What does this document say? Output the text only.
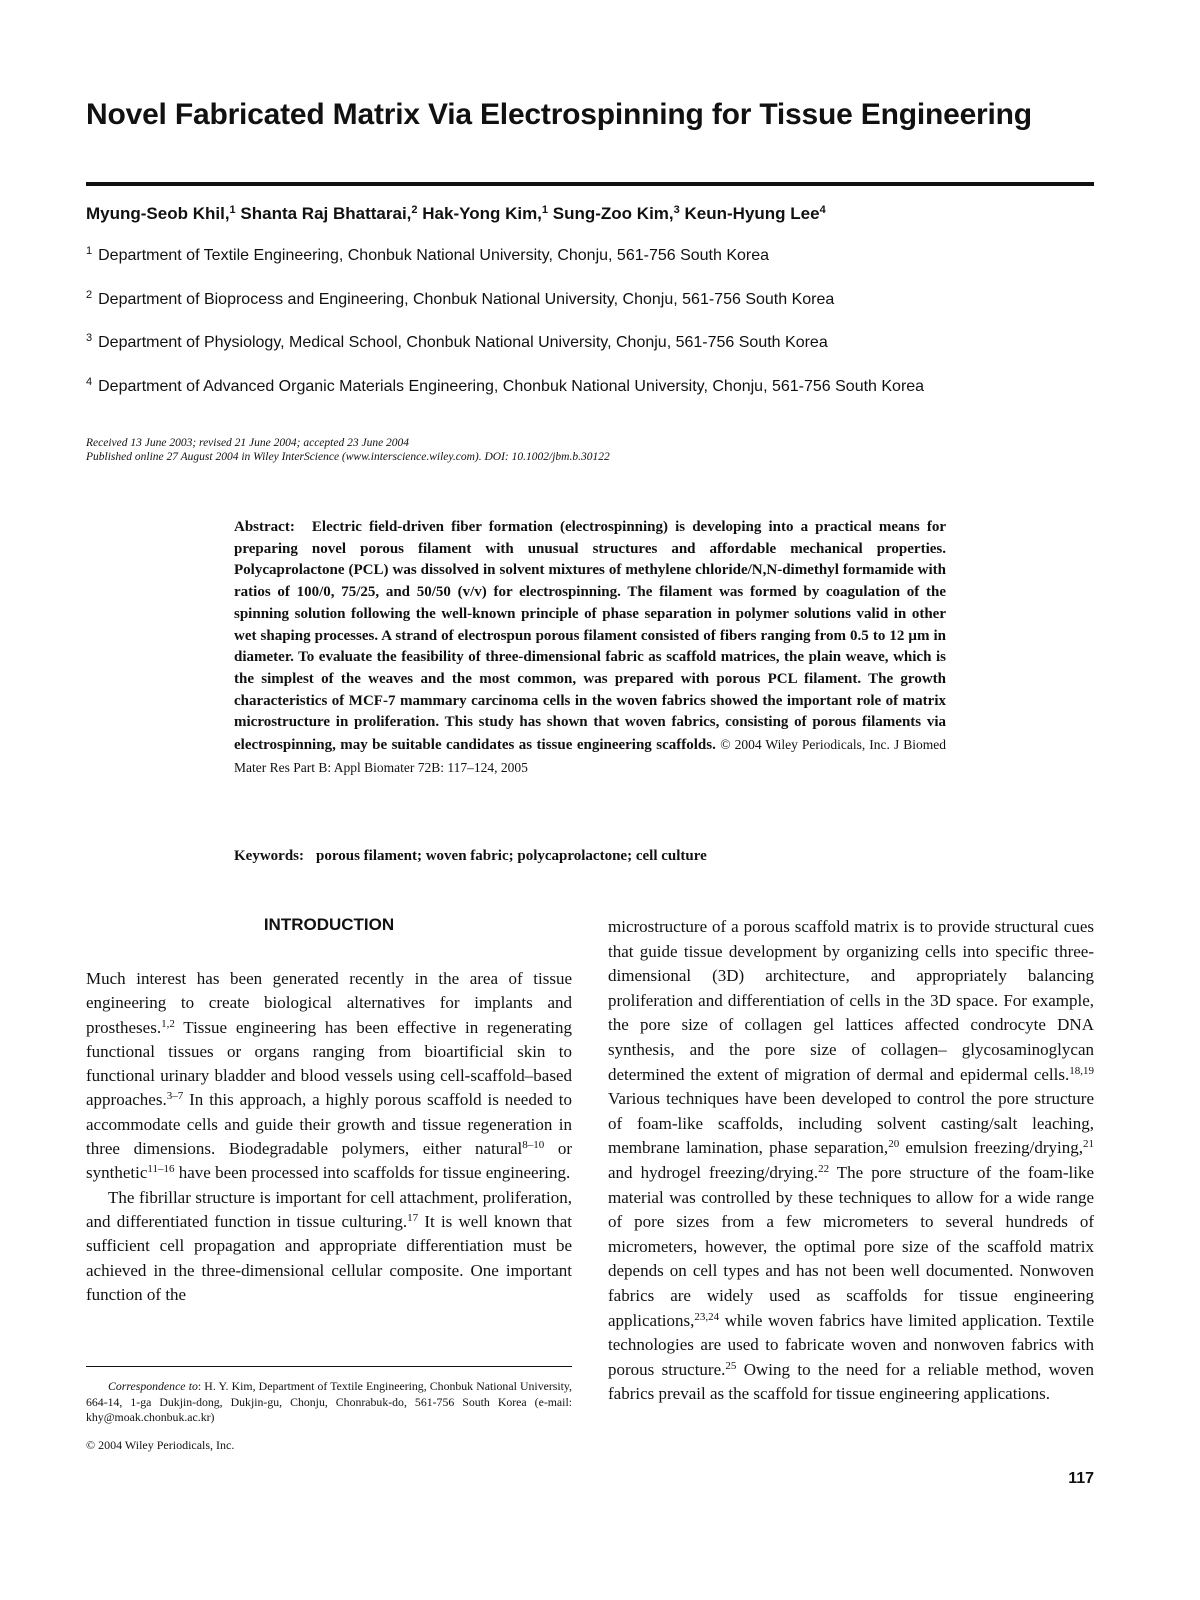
Novel Fabricated Matrix Via Electrospinning for Tissue Engineering
Myung-Seob Khil,$^1$ Shanta Raj Bhattarai,$^2$ Hak-Yong Kim,$^1$ Sung-Zoo Kim,$^3$ Keun-Hyung Lee$^4$
$^1$ Department of Textile Engineering, Chonbuk National University, Chonju, 561-756 South Korea
$^2$ Department of Bioprocess and Engineering, Chonbuk National University, Chonju, 561-756 South Korea
$^3$ Department of Physiology, Medical School, Chonbuk National University, Chonju, 561-756 South Korea
$^4$ Department of Advanced Organic Materials Engineering, Chonbuk National University, Chonju, 561-756 South Korea
Received 13 June 2003; revised 21 June 2004; accepted 23 June 2004
Published online 27 August 2004 in Wiley InterScience (www.interscience.wiley.com). DOI: 10.1002/jbm.b.30122

Abstract: Electric field-driven fiber formation (electrospinning) is developing into a practical means for preparing novel porous filament with unusual structures and affordable mechanical properties. Polycaprolactone (PCL) was dissolved in solvent mixtures of methylene chloride/N,N-dimethyl formamide with ratios of 100/0, 75/25, and 50/50 (v/v) for electrospinning. The filament was formed by coagulation of the spinning solution following the well-known principle of phase separation in polymer solutions valid in other wet shaping processes. A strand of electrospun porous filament consisted of fibers ranging from 0.5 to 12 μm in diameter. To evaluate the feasibility of three-dimensional fabric as scaffold matrices, the plain weave, which is the simplest of the weaves and the most common, was prepared with porous PCL filament. The growth characteristics of MCF-7 mammary carcinoma cells in the woven fabrics showed the important role of matrix microstructure in proliferation. This study has shown that woven fabrics, consisting of porous filaments via electrospinning, may be suitable candidates as tissue engineering scaffolds. © 2004 Wiley Periodicals, Inc. J Biomed Mater Res Part B: Appl Biomater 72B: 117–124, 2005

Keywords: porous filament; woven fabric; polycaprolactone; cell culture
INTRODUCTION

Much interest has been generated recently in the area of tissue engineering to create biological alternatives for implants and prostheses.$^{1,2}$ Tissue engineering has been effective in regenerating functional tissues or organs ranging from bioartificial skin to functional urinary bladder and blood vessels using cell-scaffold–based approaches.$^{3-7}$ In this approach, a highly porous scaffold is needed to accommodate cells and guide their growth and tissue regeneration in three dimensions. Biodegradable polymers, either natural$^{8-10}$ or synthetic$^{11-16}$ have been processed into scaffolds for tissue engineering.

The fibrillar structure is important for cell attachment, proliferation, and differentiated function in tissue culturing.$^{17}$ It is well known that sufficient cell propagation and appropriate differentiation must be achieved in the three-dimensional cellular composite. One important function of the

microstructure of a porous scaffold matrix is to provide structural cues that guide tissue development by organizing cells into specific three-dimensional (3D) architecture, and appropriately balancing proliferation and differentiation of cells in the 3D space. For example, the pore size of collagen gel lattices affected condrocyte DNA synthesis, and the pore size of collagen– glycosaminoglycan determined the extent of migration of dermal and epidermal cells.$^{18,19}$ Various techniques have been developed to control the pore structure of foam-like scaffolds, including solvent casting/salt leaching, membrane lamination, phase separation,$^{20}$ emulsion freezing/drying,$^{21}$ and hydrogel freezing/drying.$^{22}$ The pore structure of the foam-like material was controlled by these techniques to allow for a wide range of pore sizes from a few micrometers to several hundreds of micrometers, however, the optimal pore size of the scaffold matrix depends on cell types and has not been well documented. Nonwoven fabrics are widely used as scaffolds for tissue engineering applications,$^{23,24}$ while woven fabrics have limited application. Textile technologies are used to fabricate woven and nonwoven fabrics with porous structure.$^{25}$ Owing to the need for a reliable method, woven fabrics prevail as the scaffold for tissue engineering applications.

Correspondence to: H. Y. Kim, Department of Textile Engineering, Chonbuk National University, 664-14, 1-ga Dukjin-dong, Dukjin-gu, Chonju, Chonrabuk-do, 561-756 South Korea (e-mail: khy@moak.chonbuk.ac.kr)

© 2004 Wiley Periodicals, Inc.
117
